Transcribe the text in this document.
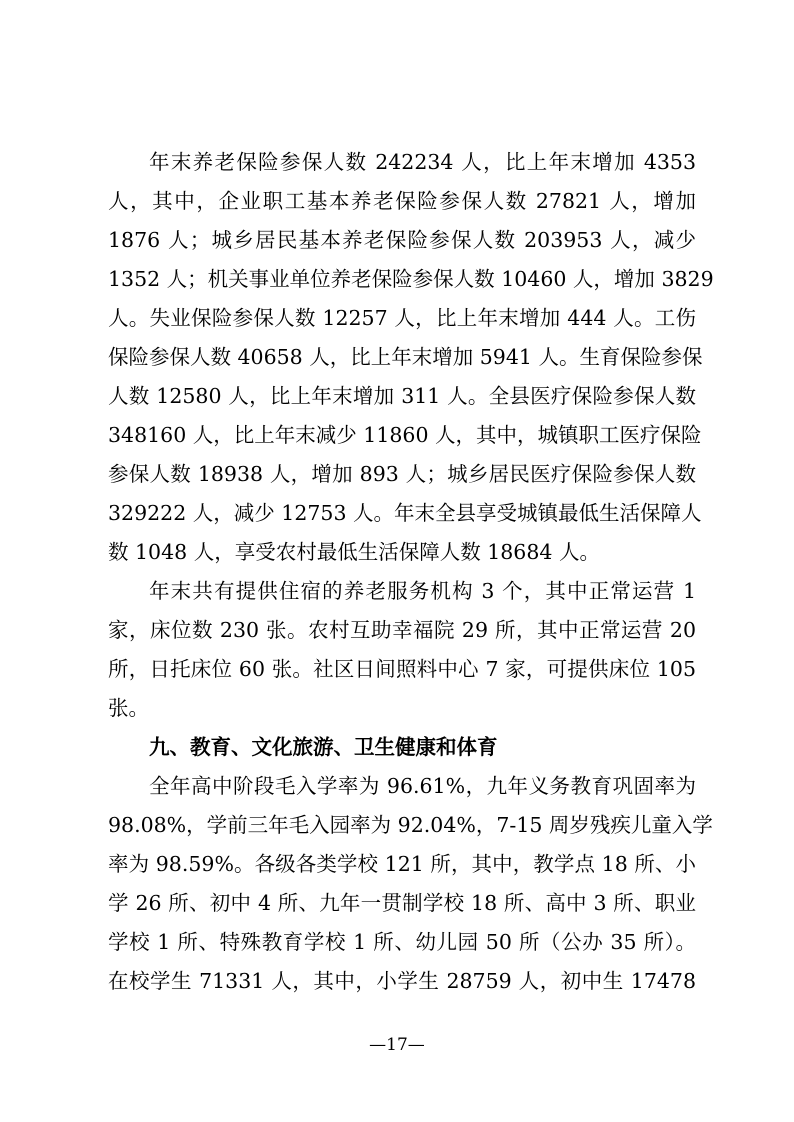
年末养老保险参保人数 242234 人，比上年末增加 4353
人，其中，企业职工基本养老保险参保人数 27821 人，增加
1876 人；城乡居民基本养老保险参保人数 203953 人，减少
1352 人；机关事业单位养老保险参保人数 10460 人，增加 3829
人。失业保险参保人数 12257 人，比上年末增加 444 人。工伤
保险参保人数 40658 人，比上年末增加 5941 人。生育保险参保
人数 12580 人，比上年末增加 311 人。全县医疗保险参保人数
348160 人，比上年末减少 11860 人，其中，城镇职工医疗保险
参保人数 18938 人，增加 893 人；城乡居民医疗保险参保人数
329222 人，减少 12753 人。年末全县享受城镇最低生活保障人
数 1048 人，享受农村最低生活保障人数 18684 人。
年末共有提供住宿的养老服务机构 3 个，其中正常运营 1
家，床位数 230 张。农村互助幸福院 29 所，其中正常运营 20
所，日托床位 60 张。社区日间照料中心 7 家，可提供床位 105
张。
九、教育、文化旅游、卫生健康和体育
全年高中阶段毛入学率为 96.61%，九年义务教育巩固率为
98.08%，学前三年毛入园率为 92.04%，7-15 周岁残疾儿童入学
率为 98.59%。各级各类学校 121 所，其中，教学点 18 所、小
学 26 所、初中 4 所、九年一贯制学校 18 所、高中 3 所、职业
学校 1 所、特殊教育学校 1 所、幼儿园 50 所（公办 35 所）。
在校学生 71331 人，其中，小学生 28759 人，初中生 17478
—17—
